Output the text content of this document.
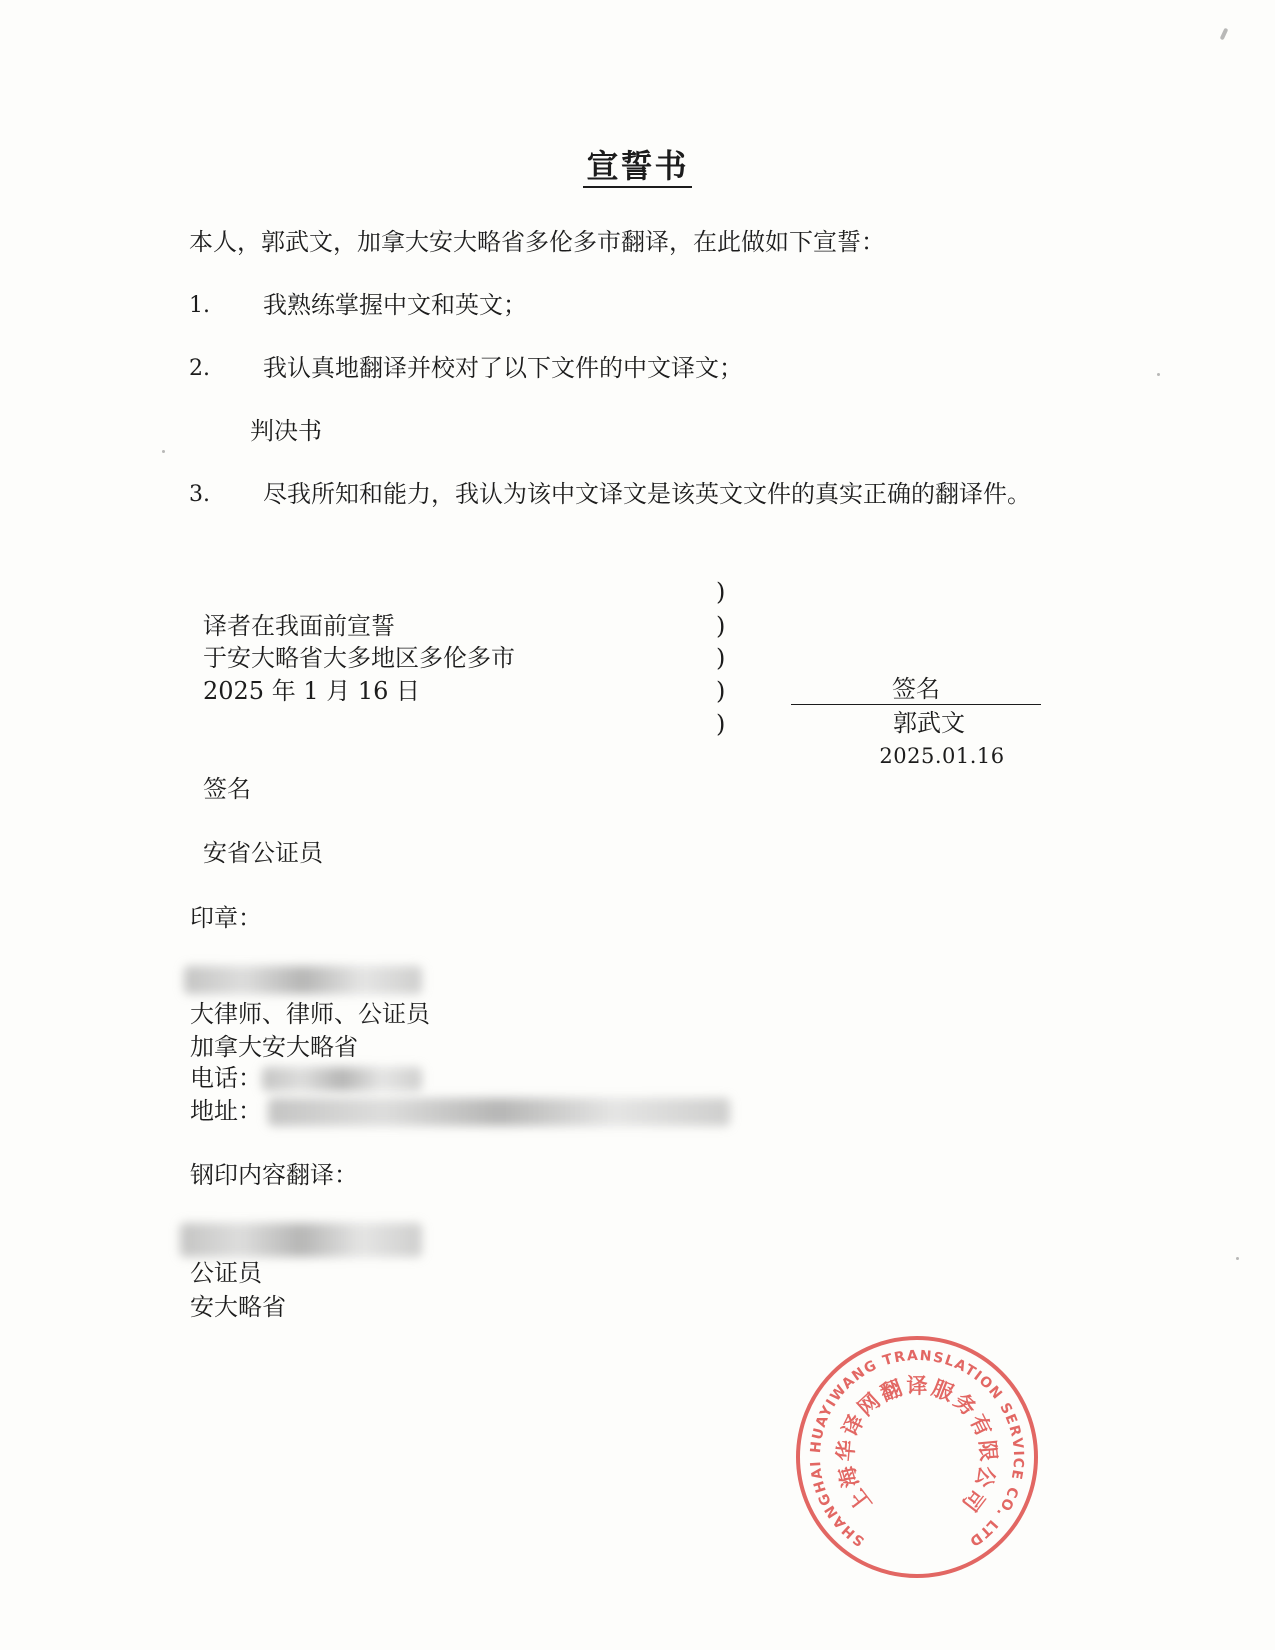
宣誓书
本人，郭武文，加拿大安大略省多伦多市翻译，在此做如下宣誓：
1. 我熟练掌握中文和英文；
2. 我认真地翻译并校对了以下文件的中文译文；
判决书
3. 尽我所知和能力，我认为该中文译文是该英文文件的真实正确的翻译件。
译者在我面前宣誓
于安大略省大多地区多伦多市
2025 年 1 月 16 日
)
)
)
)
)
签名
郭武文
2025.01.16
签名
安省公证员
印章：
大律师、律师、公证员
加拿大安大略省
电话：
地址：
钢印内容翻译：
公证员
安大略省
SHANGHAI HUAYIWANG TRANSLATION SERVICE CO. LTD
上海华译网翻译服务有限公司
